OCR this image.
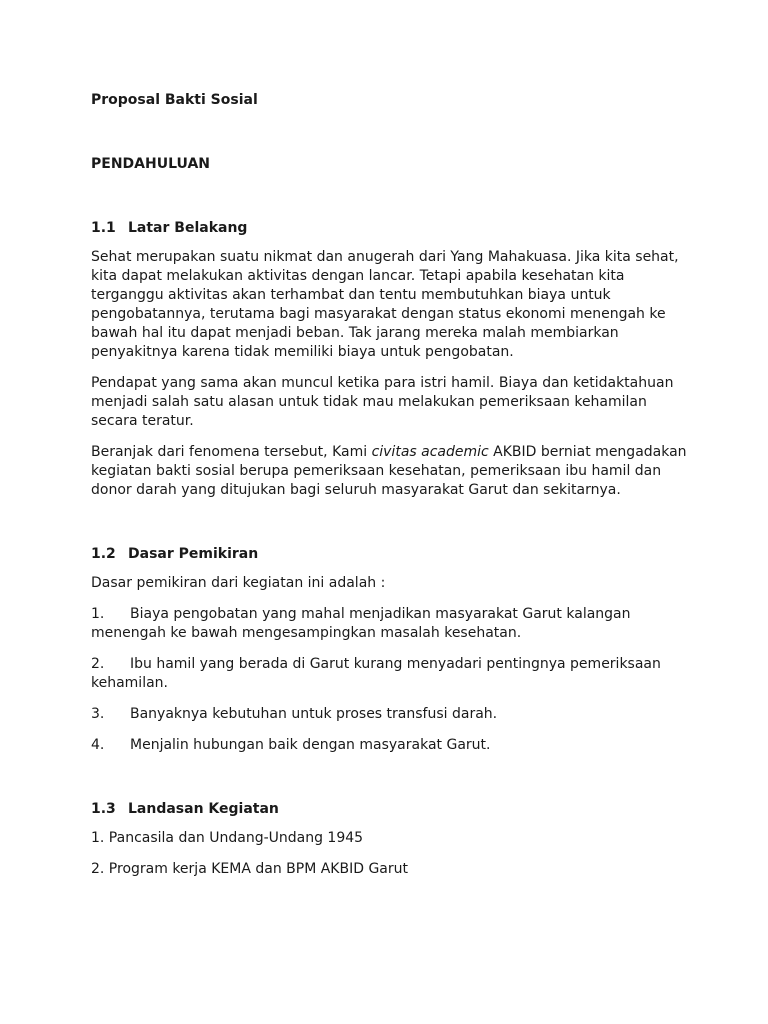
Proposal Bakti Sosial
PENDAHULUAN
1.1 Latar Belakang

Sehat merupakan suatu nikmat dan anugerah dari Yang Mahakuasa. Jika kita sehat, kita dapat melakukan aktivitas dengan lancar. Tetapi apabila kesehatan kita terganggu aktivitas akan terhambat dan tentu membutuhkan biaya untuk pengobatannya, terutama bagi masyarakat dengan status ekonomi menengah ke bawah hal itu dapat menjadi beban. Tak jarang mereka malah membiarkan penyakitnya karena tidak memiliki biaya untuk pengobatan.

Pendapat yang sama akan muncul ketika para istri hamil. Biaya dan ketidaktahuan menjadi salah satu alasan untuk tidak mau melakukan pemeriksaan kehamilan secara teratur.

Beranjak dari fenomena tersebut, Kami civitas academic AKBID berniat mengadakan kegiatan bakti sosial berupa pemeriksaan kesehatan, pemeriksaan ibu hamil dan donor darah yang ditujukan bagi seluruh masyarakat Garut dan sekitarnya.

1.2 Dasar Pemikiran

Dasar pemikiran dari kegiatan ini adalah :

1. Biaya pengobatan yang mahal menjadikan masyarakat Garut kalangan menengah ke bawah mengesampingkan masalah kesehatan.

2. Ibu hamil yang berada di Garut kurang menyadari pentingnya pemeriksaan kehamilan.

3. Banyaknya kebutuhan untuk proses transfusi darah.

4. Menjalin hubungan baik dengan masyarakat Garut.

1.3 Landasan Kegiatan

1. Pancasila dan Undang-Undang 1945

2. Program kerja KEMA dan BPM AKBID Garut
